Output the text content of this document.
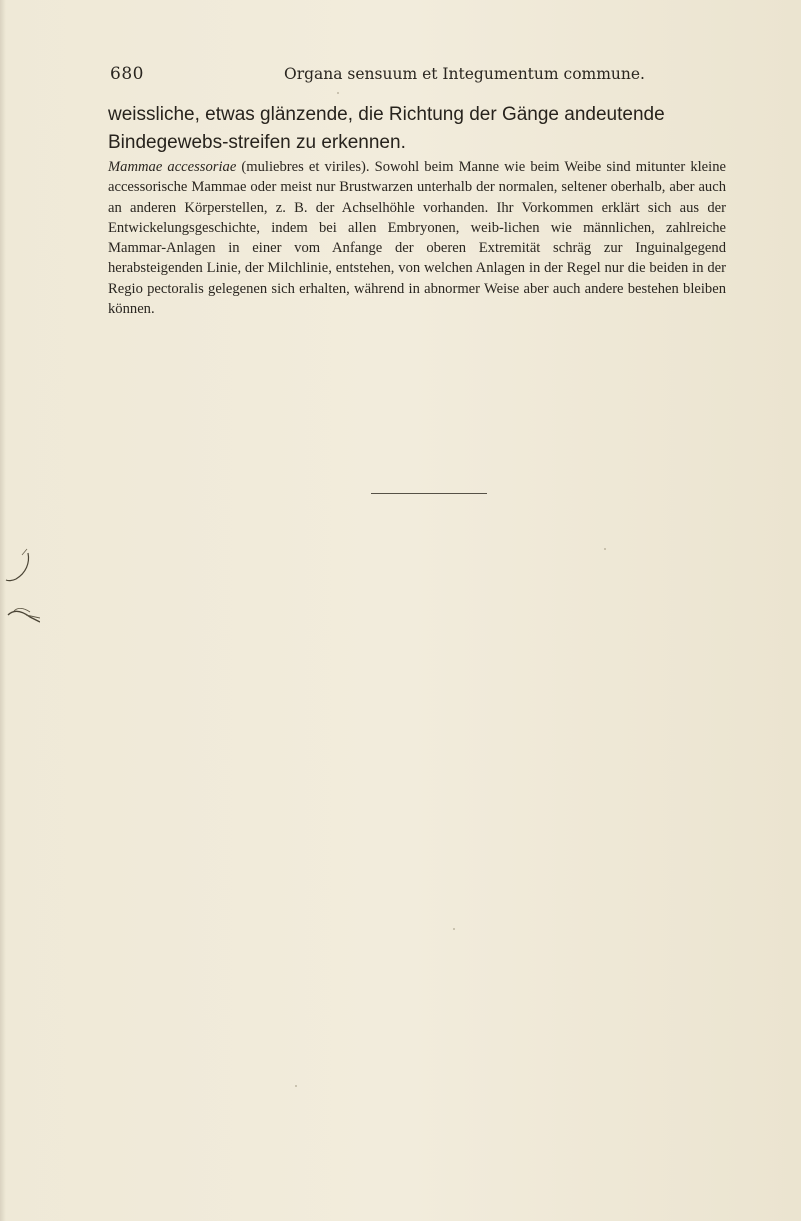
680	Organa sensuum et Integumentum commune.

weissliche, etwas glänzende, die Richtung der Gänge andeutende Bindegewebs-streifen zu erkennen.

Mammae accessoriae (muliebres et viriles). Sowohl beim Manne wie beim Weibe sind mitunter kleine accessorische Mammae oder meist nur Brustwarzen unterhalb der normalen, seltener oberhalb, aber auch an anderen Körperstellen, z. B. der Achselhöhle vorhanden. Ihr Vorkommen erklärt sich aus der Entwickelungsgeschichte, indem bei allen Embryonen, weib-lichen wie männlichen, zahlreiche Mammar-Anlagen in einer vom Anfange der oberen Extremität schräg zur Inguinalgegend herabsteigenden Linie, der Milchlinie, entstehen, von welchen Anlagen in der Regel nur die beiden in der Regio pectoralis gelegenen sich erhalten, während in abnormer Weise aber auch andere bestehen bleiben können.
